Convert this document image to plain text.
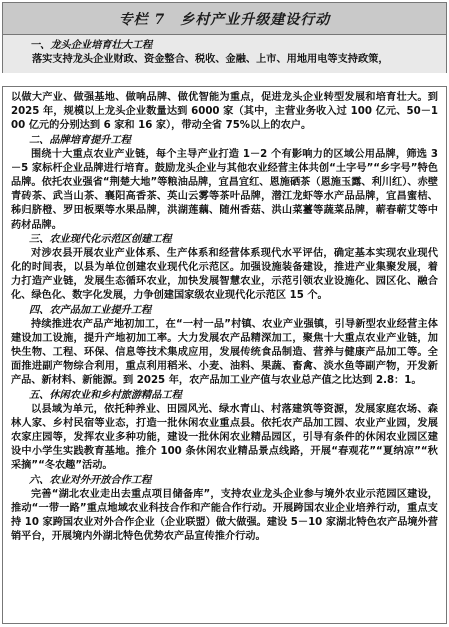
专栏 7　乡村产业升级建设行动
一、龙头企业培育壮大工程

落实支持龙头企业财政、资金整合、税收、金融、上市、用地用电等支持政策，

以做大产业、做强基地、做响品牌、做优智能为重点，促进龙头企业转型发展和培育壮大。到 2025 年，规模以上龙头企业数量达到 6000 家（其中，主营业务收入过 100 亿元、50－100 亿元的分别达到 6 家和 16 家），带动全省 75%以上的农户。

二、品牌培育提升工程

围绕十大重点农业产业链，每个主导产业打造 1－2 个有影响力的区域公用品牌，筛选 3－5 家标杆企业品牌进行培育。鼓励龙头企业与其他农业经营主体共创“土字号”“乡字号”特色品牌。依托农业强省“荆楚大地”等粮油品牌，宜昌宜红、恩施硒茶（恩施玉露、利川红）、赤壁青砖茶、武当山茶、襄阳高香茶、英山云雾等茶叶品牌，潜江龙虾等水产品品牌，宜昌蜜桔、秭归脐橙、罗田板栗等水果品牌，洪湖莲藕、随州香菇、洪山菜薹等蔬菜品牌，蕲春蕲艾等中药材品牌。

三、农业现代化示范区创建工程

对涉农县开展农业产业体系、生产体系和经营体系现代水平评估，确定基本实现农业现代化的时间表，以县为单位创建农业现代化示范区。加强设施装备建设，推进产业集聚发展，着力打造产业链，发展生态循环农业，加快发展智慧农业，示范引领农业设施化、园区化、融合化、绿色化、数字化发展，力争创建国家级农业现代化示范区 15 个。

四、农产品加工业提升工程

持续推进农产品产地初加工，在“一村一品”村镇、农业产业强镇，引导新型农业经营主体建设加工设施，提升产地初加工率。大力发展农产品精深加工，聚焦十大重点农业产业链，加快生物、工程、环保、信息等技术集成应用，发展传统食品制造、营养与健康产品加工等。全面推进副产物综合利用，重点利用稻米、小麦、油料、果蔬、畜禽、淡水鱼等副产物，开发新产品、新材料、新能源。到 2025 年，农产品加工业产值与农业总产值之比达到 2.8：1。

五、休闲农业和乡村旅游精品工程

以县域为单元，依托种养业、田园风光、绿水青山、村落建筑等资源，发展家庭农场、森林人家、乡村民宿等业态，打造一批休闲农业重点县。依托农产品加工园、农业产业园，发展农家庄园等，发挥农业多种功能，建设一批休闲农业精品园区，引导有条件的休闲农业园区建设中小学生实践教育基地。推介 100 条休闲农业精品景点线路，开展“春观花”“夏纳凉”“秋采摘”“冬农趣”活动。

六、农业对外开放合作工程

完善“湖北农业走出去重点项目储备库”，支持农业龙头企业参与境外农业示范园区建设，推动“一带一路”重点地域农业科技合作和产能合作行动。开展跨国农业企业培养行动，重点支持 10 家跨国农业对外合作企业（企业联盟）做大做强。建设 5－10 家湖北特色农产品境外营销平台，开展境内外湖北特色优势农产品宣传推介行动。
